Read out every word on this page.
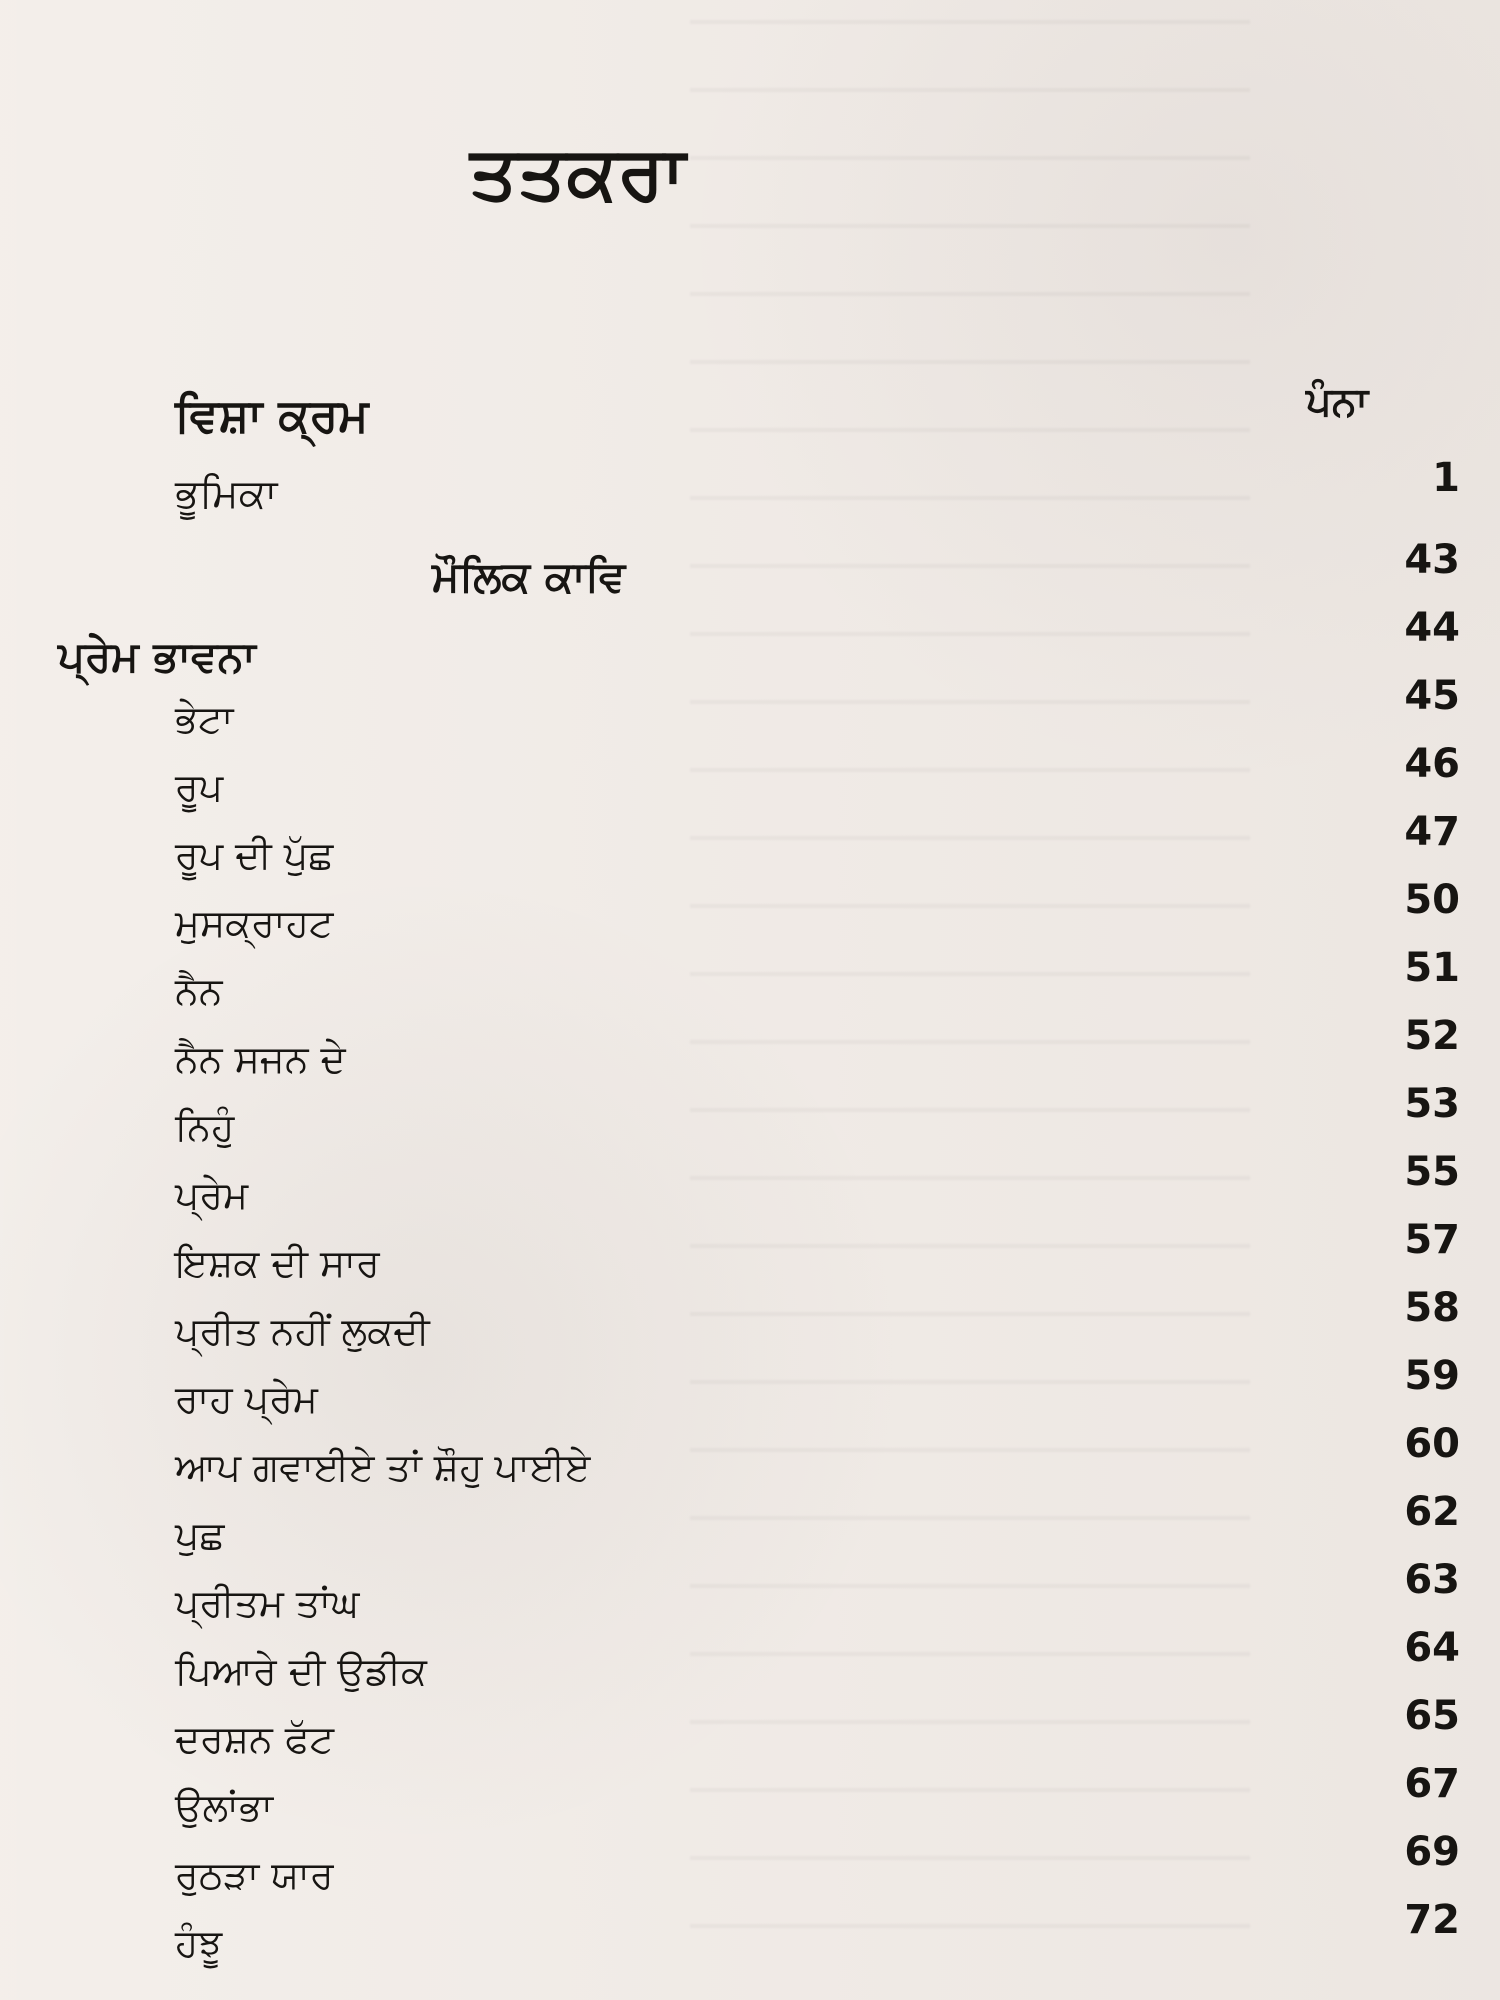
ਤਤਕਰਾ
ਵਿਸ਼ਾ ਕ੍ਰਮ	ਪੰਨਾ
ਭੂਮਿਕਾ
ਮੌਲਿਕ ਕਾਵਿ
ਪ੍ਰੇਮ ਭਾਵਨਾ
ਭੇਟਾ
ਰੂਪ
ਰੂਪ ਦੀ ਪੁੱਛ
ਮੁਸਕ੍ਰਾਹਟ
ਨੈਨ
ਨੈਨ ਸਜਨ ਦੇ
ਨਿਹੁੰ
ਪ੍ਰੇਮ
ਇਸ਼ਕ ਦੀ ਸਾਰ
ਪ੍ਰੀਤ ਨਹੀਂ ਲੁਕਦੀ
ਰਾਹ ਪ੍ਰੇਮ
ਆਪ ਗਵਾਈਏ ਤਾਂ ਸ਼ੌਹੁ ਪਾਈਏ
ਪੁਛ
ਪ੍ਰੀਤਮ ਤਾਂਘ
ਪਿਆਰੇ ਦੀ ਉਡੀਕ
ਦਰਸ਼ਨ ਫੱਟ
ਉਲਾਂਭਾ
ਰੁਠੜਾ ਯਾਰ
ਹੰਝੂ
1
43
44
45
46
47
50
51
52
53
55
57
58
59
60
62
63
64
65
67
69
72
